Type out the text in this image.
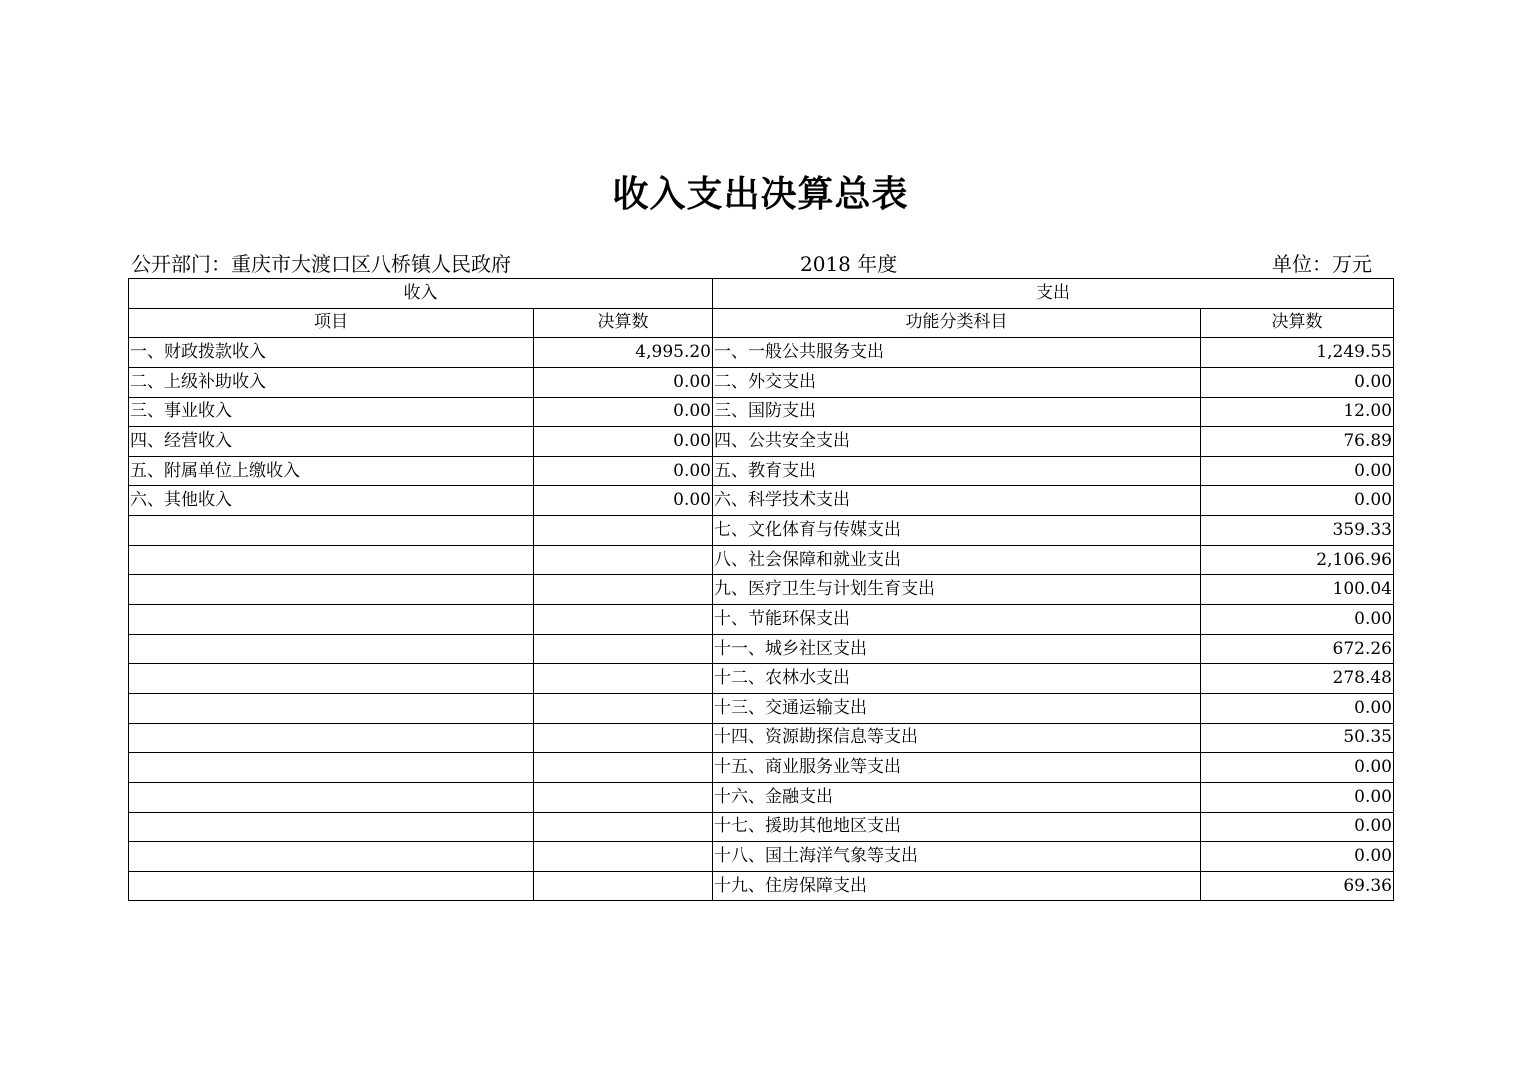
收入支出决算总表
公开部门：重庆市大渡口区八桥镇人民政府	2018 年度	单位：万元
收入		支出	
项目	决算数	功能分类科目	决算数
一、财政拨款收入	4,995.20	一、一般公共服务支出	1,249.55
二、上级补助收入	0.00	二、外交支出	0.00
三、事业收入	0.00	三、国防支出	12.00
四、经营收入	0.00	四、公共安全支出	76.89
五、附属单位上缴收入	0.00	五、教育支出	0.00
六、其他收入	0.00	六、科学技术支出	0.00
		七、文化体育与传媒支出	359.33
		八、社会保障和就业支出	2,106.96
		九、医疗卫生与计划生育支出	100.04
		十、节能环保支出	0.00
		十一、城乡社区支出	672.26
		十二、农林水支出	278.48
		十三、交通运输支出	0.00
		十四、资源勘探信息等支出	50.35
		十五、商业服务业等支出	0.00
		十六、金融支出	0.00
		十七、援助其他地区支出	0.00
		十八、国土海洋气象等支出	0.00
		十九、住房保障支出	69.36
